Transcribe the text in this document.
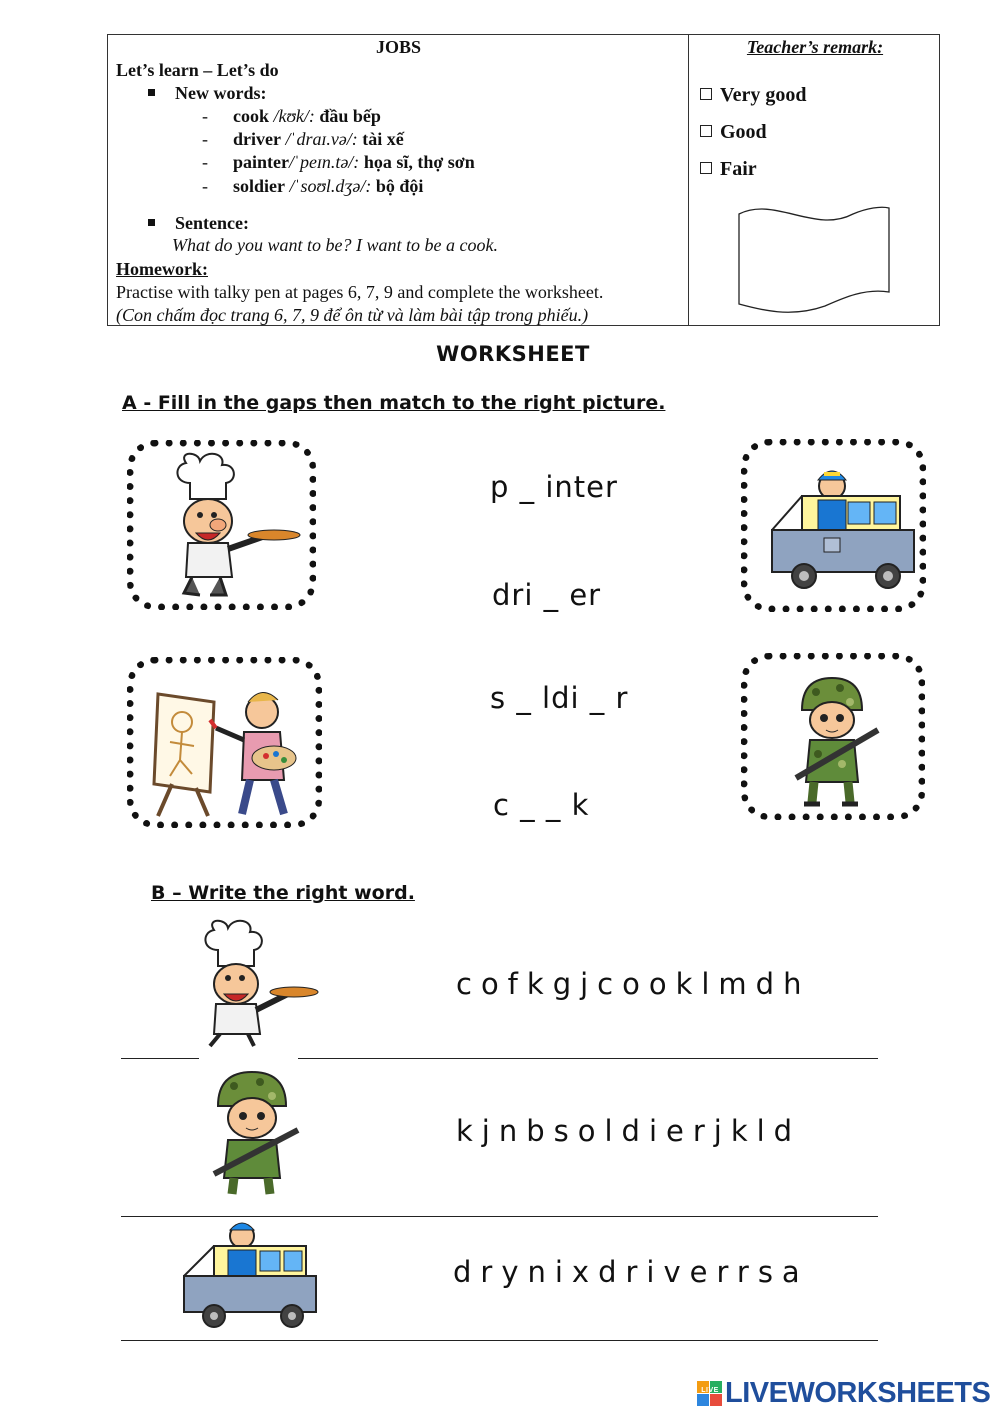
JOBS
Let’s learn – Let’s do
New words:
- cook /kʊk/: đầu bếp
- driver /ˈdraɪ.və/: tài xế
- painter/ˈpeɪn.tə/: họa sĩ, thợ sơn
- soldier /ˈsoʊl.dʒə/: bộ đội
Sentence:
What do you want to be? I want to be a cook.
Homework:
Practise with talky pen at pages 6, 7, 9 and complete the worksheet.
(Con chấm đọc trang 6, 7, 9 để ôn từ và làm bài tập trong phiếu.)
Teacher’s remark:
Very good
Good
Fair
WORKSHEET
A - Fill in the gaps then match to the right picture.
p _ inter
dri _ er
s _ ldi _ r
c _ _ k
B – Write the right word.
cofkgjcooklmdh
kjnbsoldierjkld
drynixdriverrsa
LIVE LIVEWORKSHEETS
